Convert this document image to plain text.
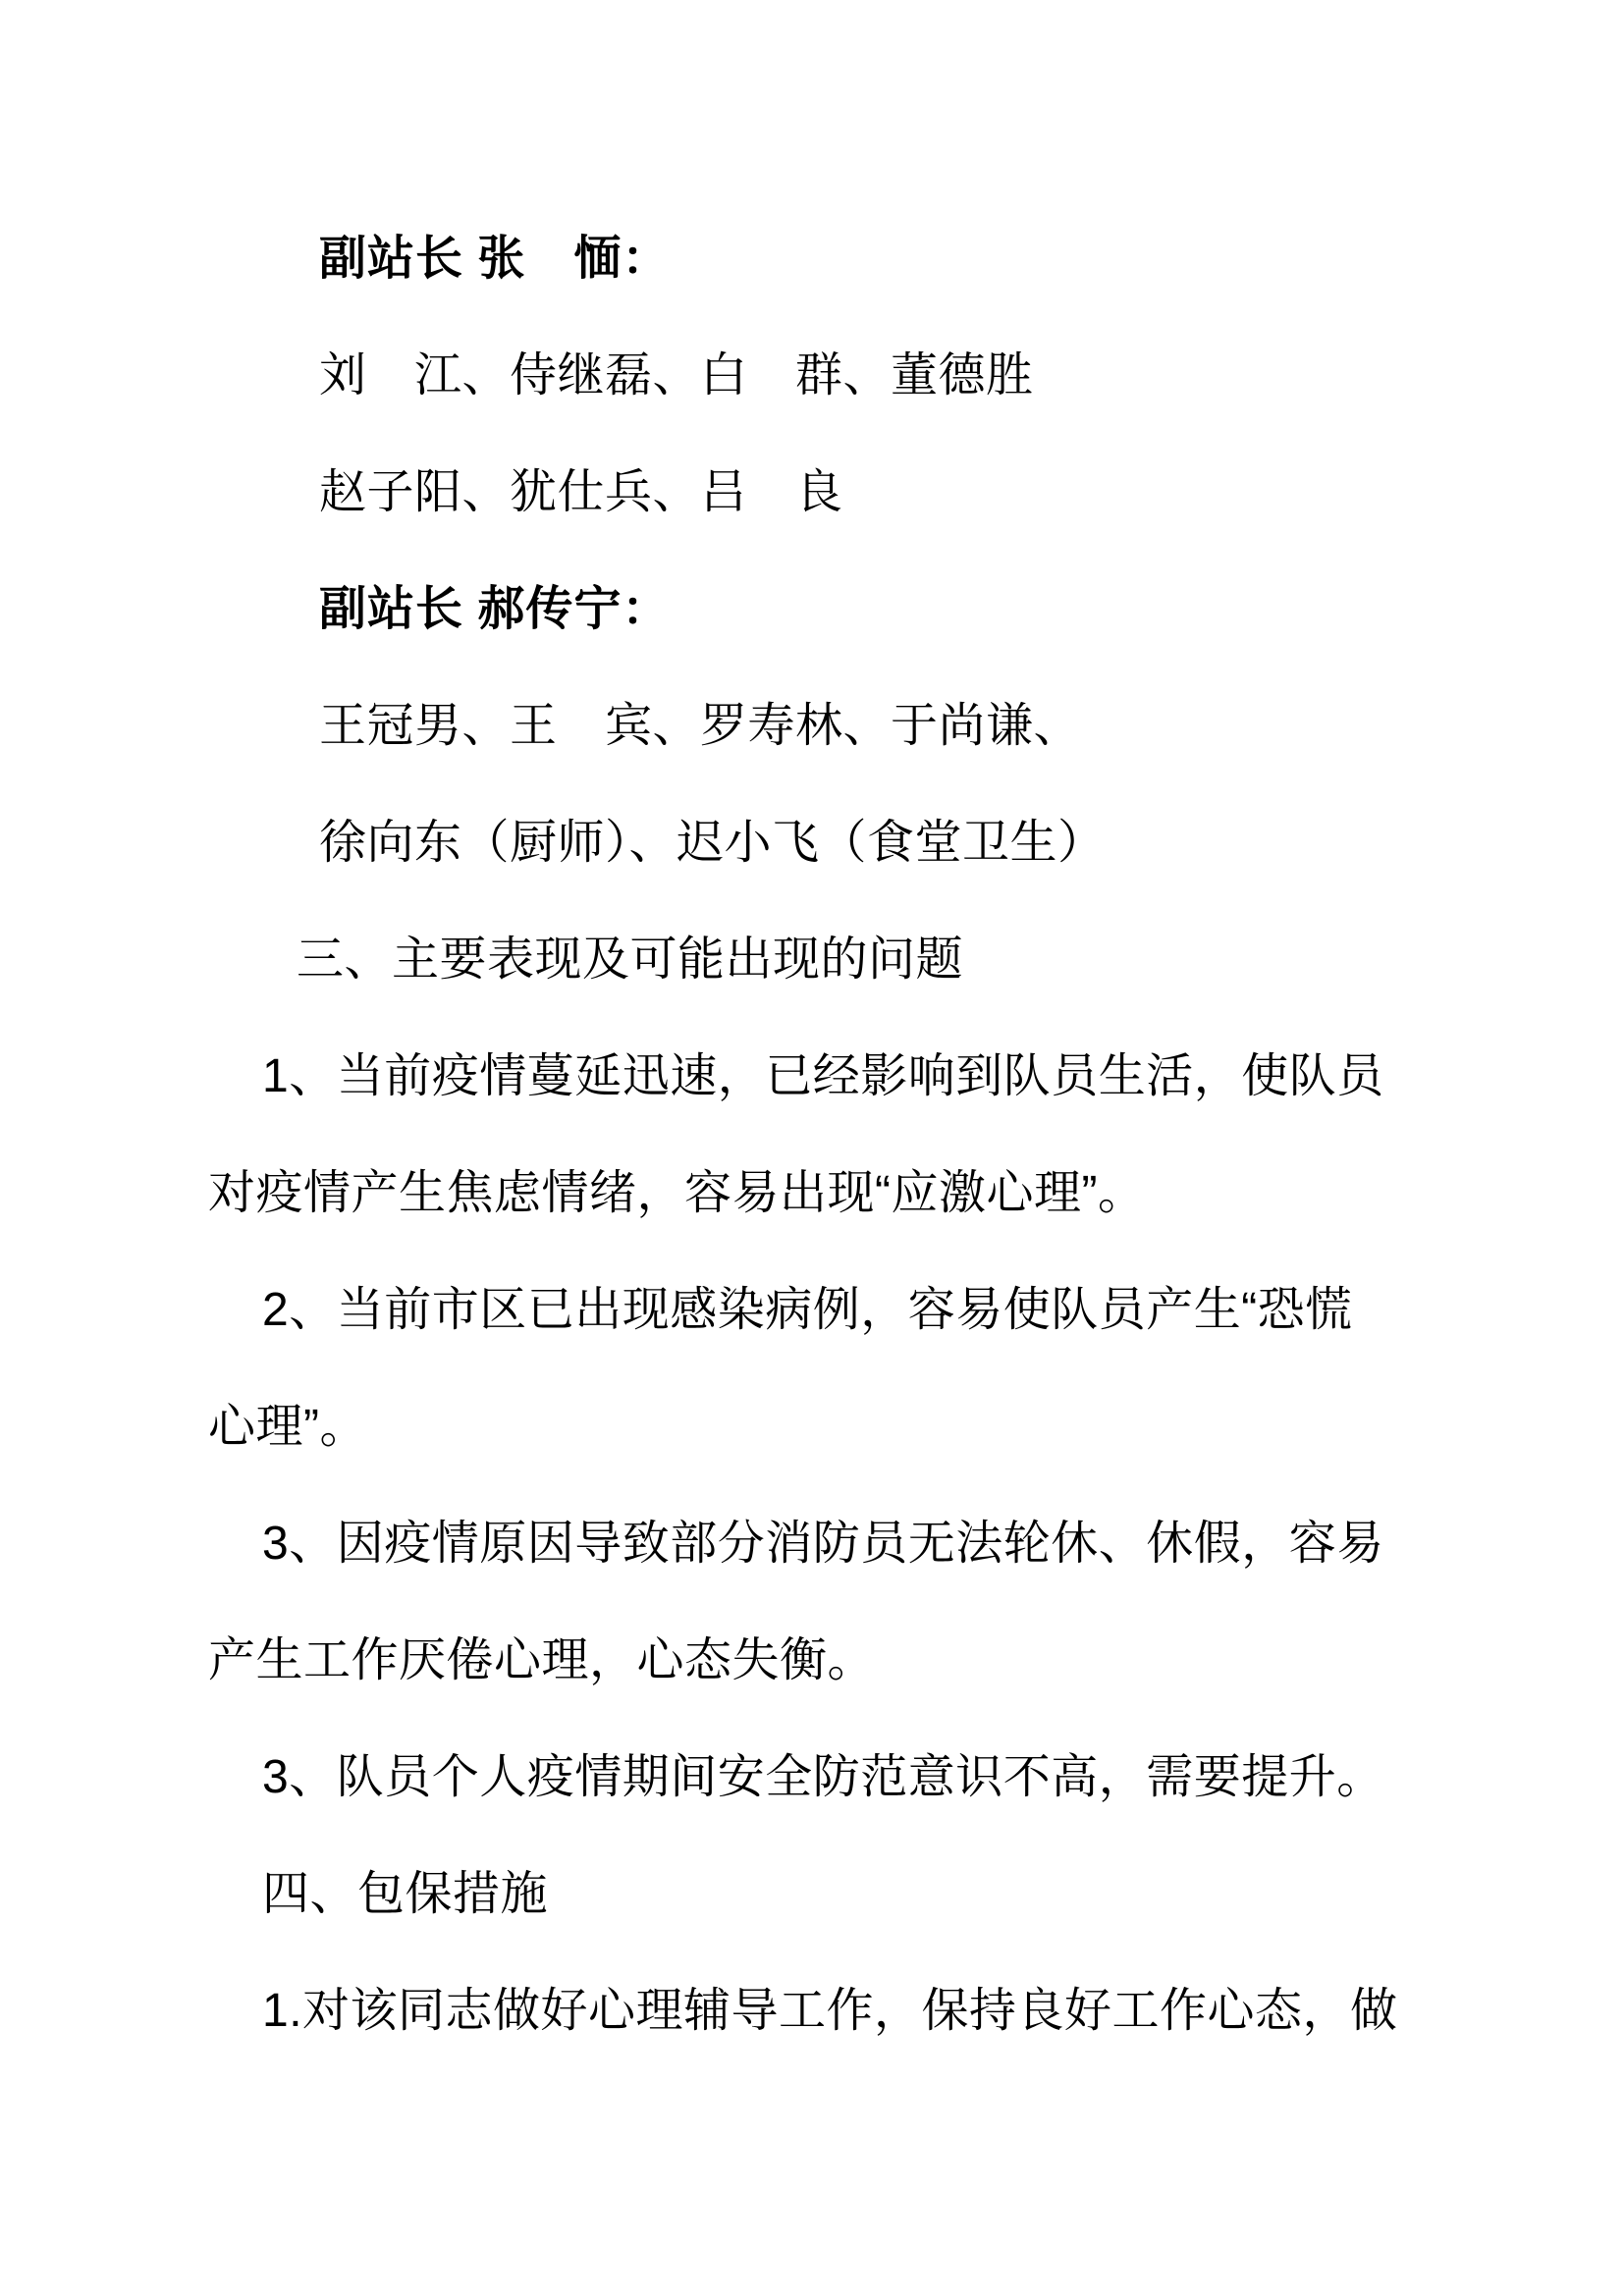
副站长 张　愐：
刘　江、侍继磊、白　群、董德胜
赵子阳、犹仕兵、吕　良
副站长 郝传宁：
王冠男、王　宾、罗寿林、于尚谦、
徐向东（厨师）、迟小飞（食堂卫生）
三、主要表现及可能出现的问题
1、当前疫情蔓延迅速，已经影响到队员生活，使队员
对疫情产生焦虑情绪，容易出现“应激心理”。
2、当前市区已出现感染病例，容易使队员产生“恐慌
心理”。
3、因疫情原因导致部分消防员无法轮休、休假，容易
产生工作厌倦心理，心态失衡。
3、队员个人疫情期间安全防范意识不高，需要提升。
四、包保措施
1.对该同志做好心理辅导工作，保持良好工作心态，做
